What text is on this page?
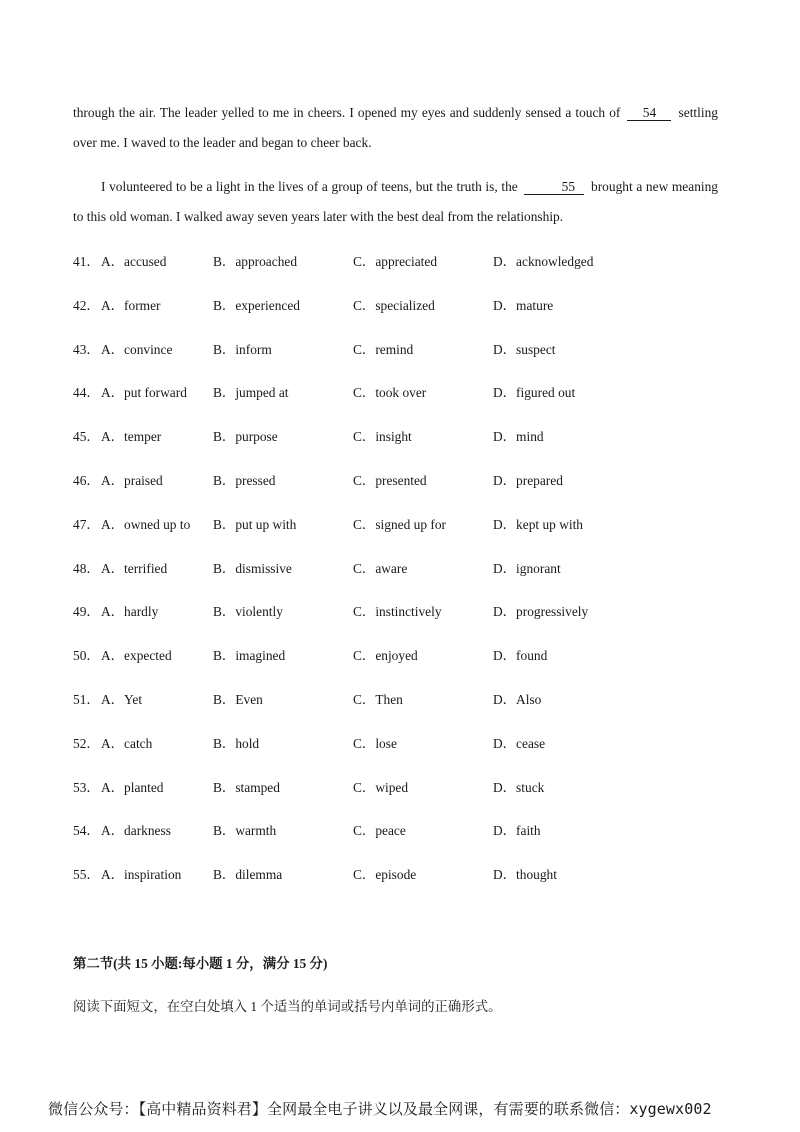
through the air. The leader yelled to me in cheers. I opened my eyes and suddenly sensed a touch of 54 settling over me. I waved to the leader and began to cheer back.

I volunteered to be a light in the lives of a group of teens, but the truth is, the	55 brought a new meaning to this old woman. I walked away seven years later with the best deal from the relationship.

41． A．accused	B．approached	C．appreciated	D．acknowledged
42． A．former	B．experienced	C．specialized	D．mature
43． A．convince	B．inform	C．remind	D．suspect
44． A．put forward	B．jumped at	C．took over	D．figured out
45． A．temper	B．purpose	C．insight	D．mind
46． A．praised	B．pressed	C．presented	D．prepared
47． A．owned up to	B．put up with	C．signed up for	D．kept up with
48． A．terrified	B．dismissive	C．aware	D．ignorant
49． A．hardly	B．violently	C．instinctively	D．progressively
50． A．expected	B．imagined	C．enjoyed	D．found
51． A．Yet	B．Even	C．Then	D．Also
52． A．catch	B．hold	C．lose	D．cease
53． A．planted	B．stamped	C．wiped	D．stuck
54． A．darkness	B．warmth	C．peace	D．faith
55． A．inspiration	B．dilemma	C．episode	D．thought

第二节(共 15 小题:每小题 1 分，满分 15 分)

阅读下面短文，在空白处填入 1 个适当的单词或括号内单词的正确形式。

微信公众号：【高中精品资料君】全网最全电子讲义以及最全网课，有需要的联系微信：xygewx002
